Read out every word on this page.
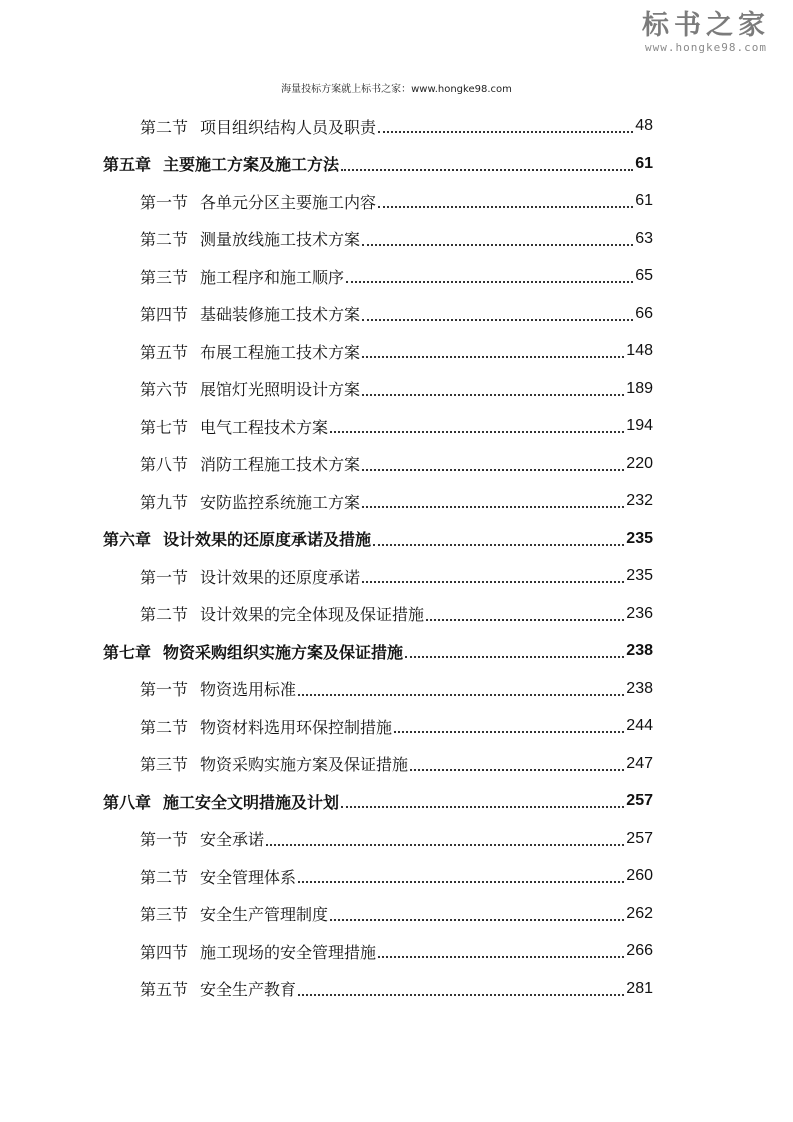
标书之家
www.hongke98.com
海量投标方案就上标书之家：www.hongke98.com
第二节 项目组织结构人员及职责	48
第五章 主要施工方案及施工方法	61
第一节 各单元分区主要施工内容	61
第二节 测量放线施工技术方案	63
第三节 施工程序和施工顺序	65
第四节 基础装修施工技术方案	66
第五节 布展工程施工技术方案	148
第六节 展馆灯光照明设计方案	189
第七节 电气工程技术方案	194
第八节 消防工程施工技术方案	220
第九节 安防监控系统施工方案	232
第六章 设计效果的还原度承诺及措施	235
第一节 设计效果的还原度承诺	235
第二节 设计效果的完全体现及保证措施	236
第七章 物资采购组织实施方案及保证措施	238
第一节 物资选用标准	238
第二节 物资材料选用环保控制措施	244
第三节 物资采购实施方案及保证措施	247
第八章 施工安全文明措施及计划	257
第一节 安全承诺	257
第二节 安全管理体系	260
第三节 安全生产管理制度	262
第四节 施工现场的安全管理措施	266
第五节 安全生产教育	281
